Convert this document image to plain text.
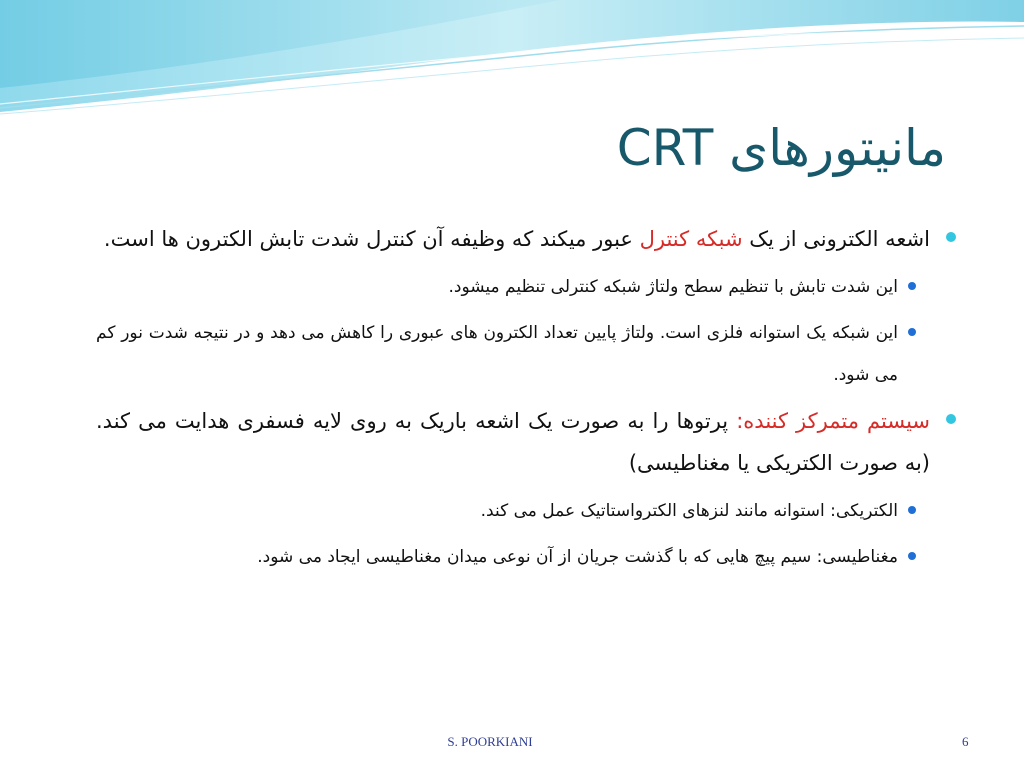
مانیتورهای CRT

اشعه الکترونی از یک شبکه کنترل عبور میکند که وظیفه آن کنترل شدت تابش الکترون ها است.

این شدت تابش با تنظیم سطح ولتاژ شبکه کنترلی تنظیم میشود.

این شبکه یک استوانه فلزی است. ولتاژ پایین تعداد الکترون های عبوری را کاهش می دهد و در نتیجه شدت نور کم می شود.

سیستم متمرکز کننده: پرتوها را به صورت یک اشعه باریک به روی لایه فسفری هدایت می کند. (به صورت الکتریکی یا مغناطیسی)

الکتریکی: استوانه مانند لنزهای الکترواستاتیک عمل می کند.

مغناطیسی: سیم پیچ هایی که با گذشت جریان از آن نوعی میدان مغناطیسی ایجاد می شود.

S. POORKIANI	6
